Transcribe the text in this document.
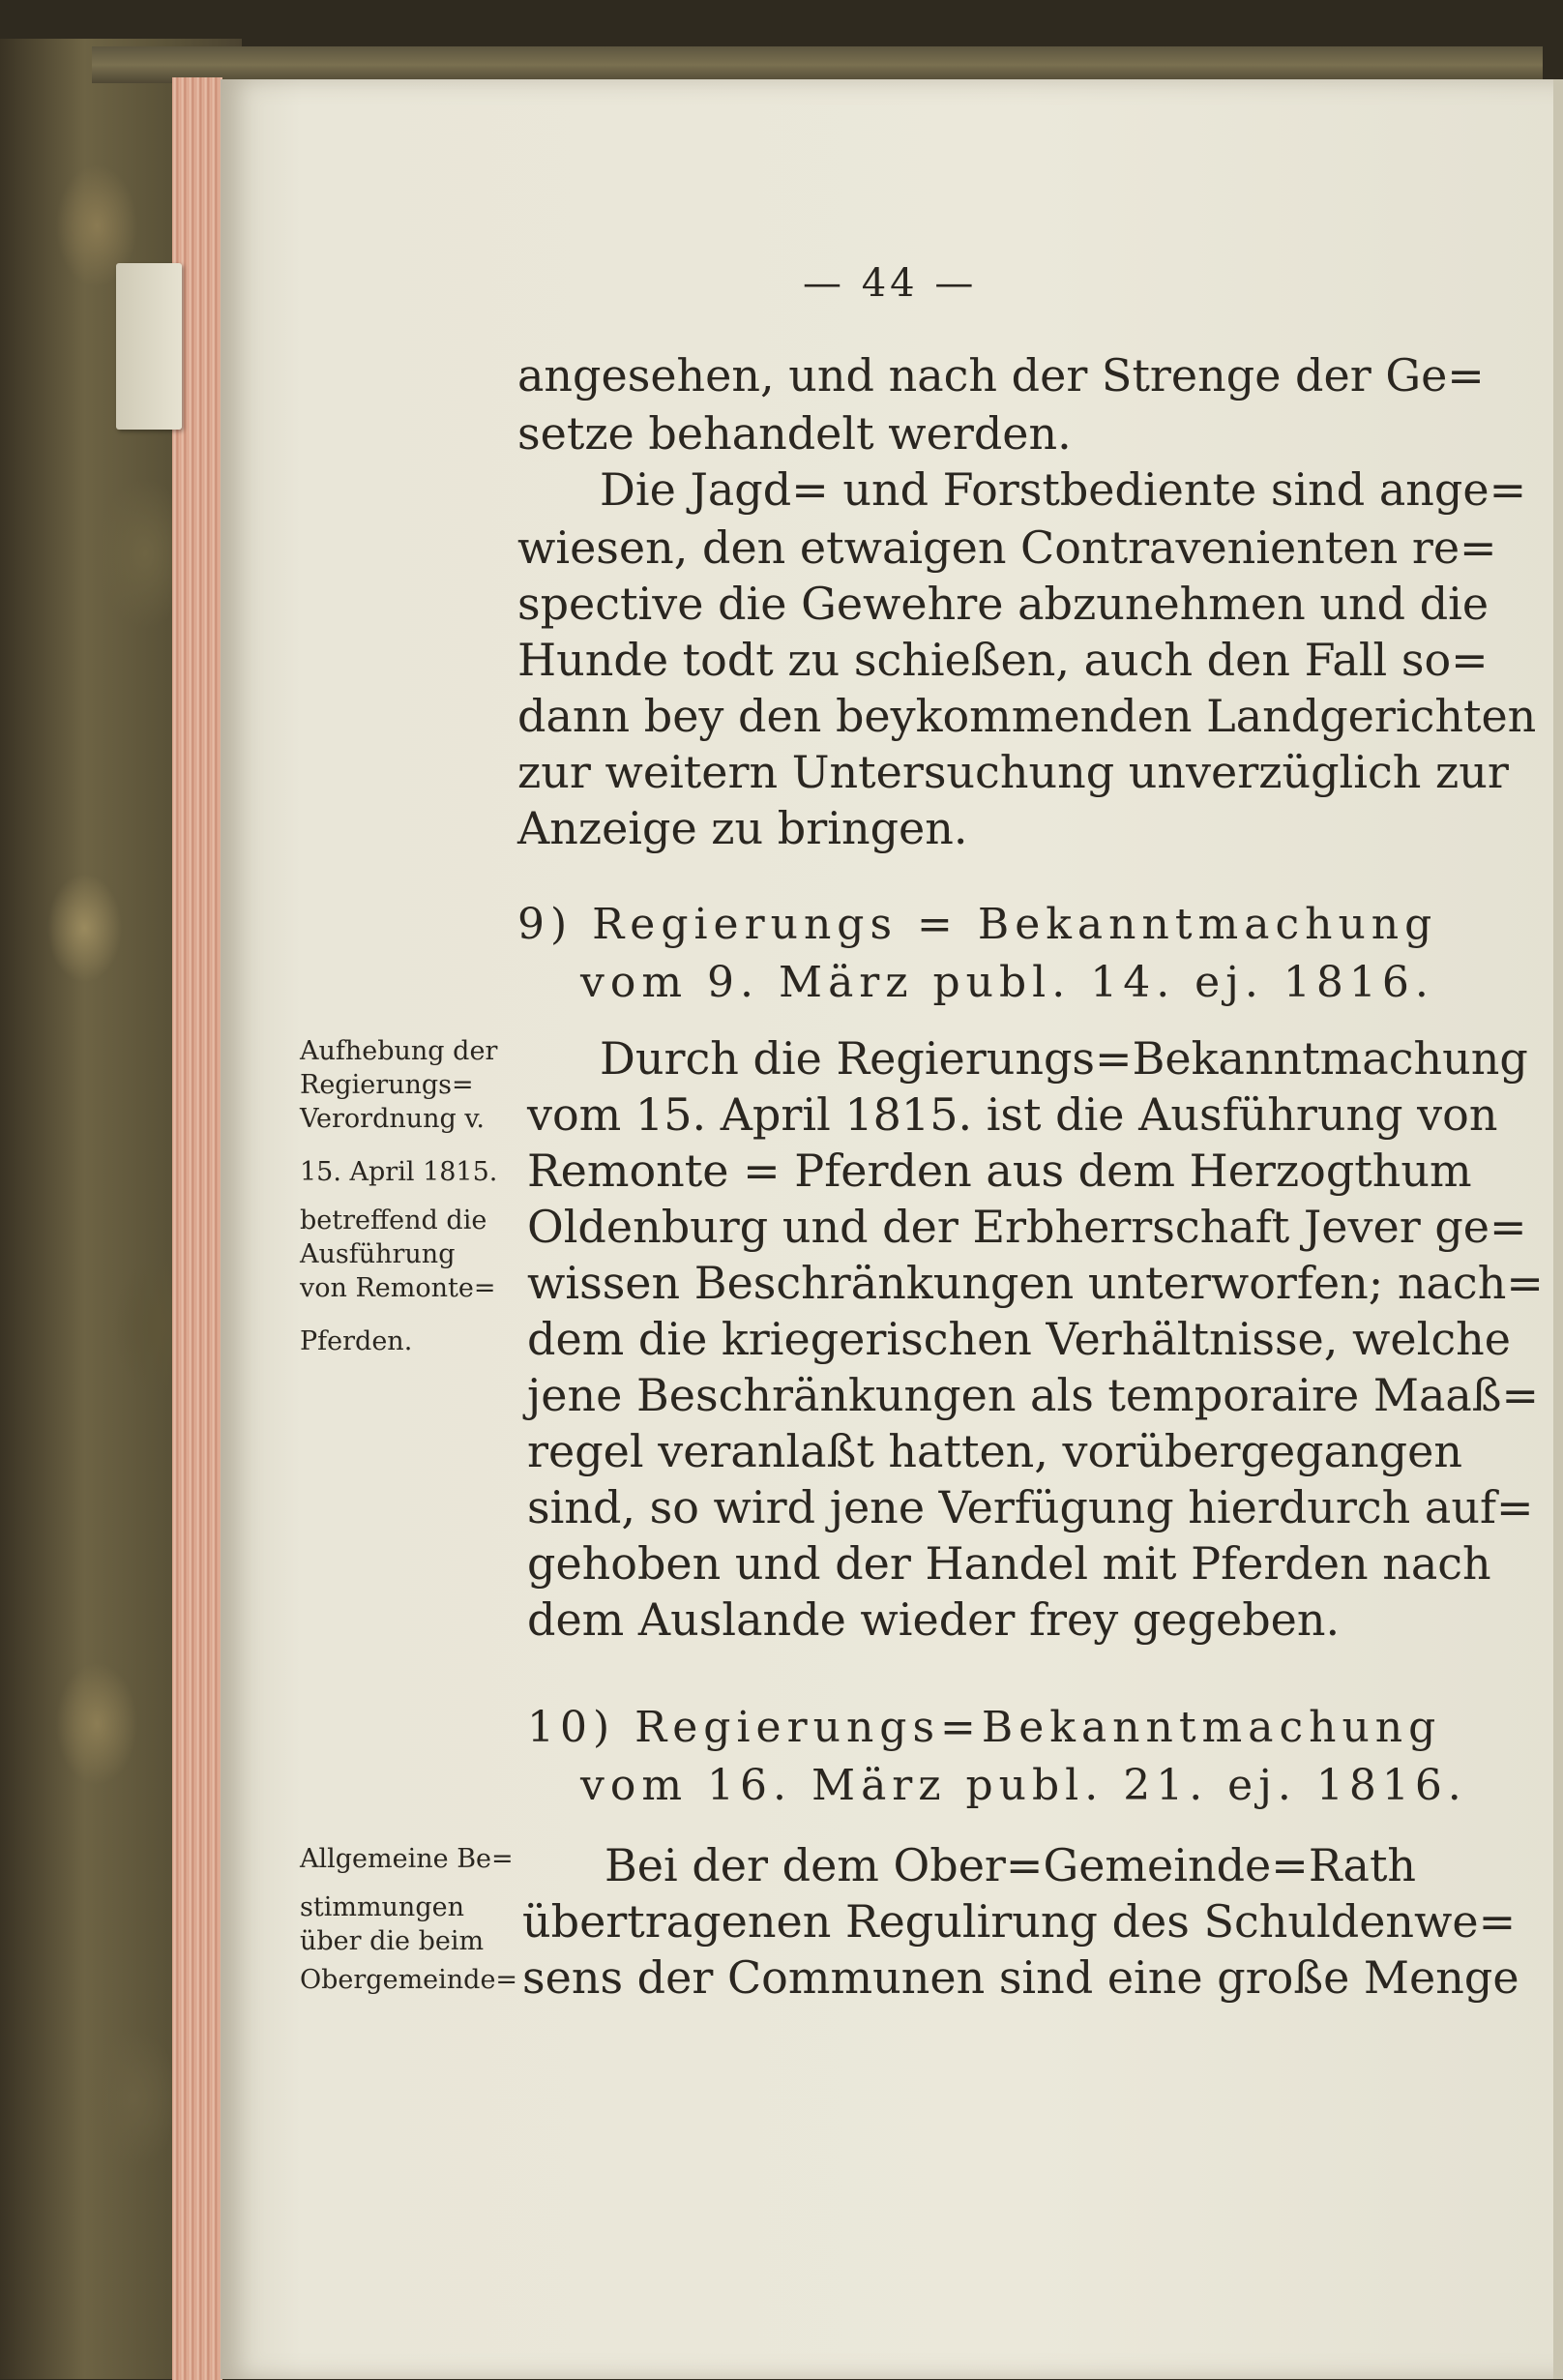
— 44 —
angesehen, und nach der Strenge der Ge=
setze behandelt werden.
Die Jagd= und Forstbediente sind ange=
wiesen, den etwaigen Contravenienten re=
spective die Gewehre abzunehmen und die
Hunde todt zu schießen, auch den Fall so=
dann bey den beykommenden Landgerichten
zur weitern Untersuchung unverzüglich zur
Anzeige zu bringen.
9) Regierungs = Bekanntmachung
vom 9. März publ. 14. ej. 1816.
Aufhebung der
Regierungs=
Verordnung v.
15. April 1815.
betreffend die
Ausführung
von Remonte=
Pferden.
Durch die Regierungs=Bekanntmachung
vom 15. April 1815. ist die Ausführung von
Remonte = Pferden aus dem Herzogthum
Oldenburg und der Erbherrschaft Jever ge=
wissen Beschränkungen unterworfen; nach=
dem die kriegerischen Verhältnisse, welche
jene Beschränkungen als temporaire Maaß=
regel veranlaßt hatten, vorübergegangen
sind, so wird jene Verfügung hierdurch auf=
gehoben und der Handel mit Pferden nach
dem Auslande wieder frey gegeben.
10) Regierungs=Bekanntmachung
vom 16. März publ. 21. ej. 1816.
Allgemeine Be=
stimmungen
über die beim
Obergemeinde=
Bei der dem Ober=Gemeinde=Rath
übertragenen Regulirung des Schuldenwe=
sens der Communen sind eine große Menge
